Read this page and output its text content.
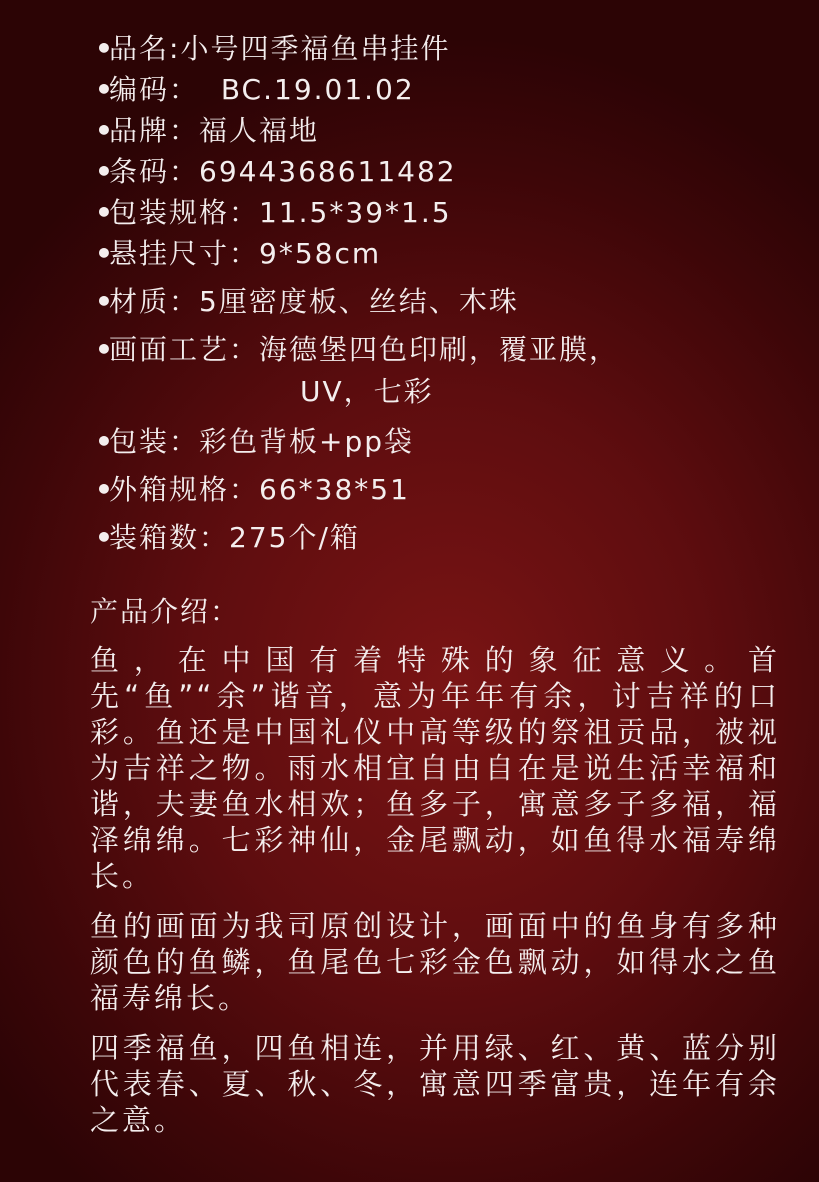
•品名:小号四季福鱼串挂件
•编码：  BC.19.01.02
•品牌：福人福地
•条码：6944368611482
•包装规格：11.5*39*1.5
•悬挂尺寸：9*58cm
•材质：5厘密度板、丝结、木珠
•画面工艺：海德堡四色印刷，覆亚膜，
UV，七彩
•包装：彩色背板+pp袋
•外箱规格：66*38*51
•装箱数：275个/箱
产品介绍：

鱼，在中国有着特殊的象征意义。首先“鱼”“余”谐音，意为年年有余，讨吉祥的口彩。鱼还是中国礼仪中高等级的祭祖贡品，被视为吉祥之物。雨水相宜自由自在是说生活幸福和谐，夫妻鱼水相欢；鱼多子，寓意多子多福，福泽绵绵。七彩神仙，金尾飘动，如鱼得水福寿绵长。

鱼的画面为我司原创设计，画面中的鱼身有多种颜色的鱼鳞，鱼尾色七彩金色飘动，如得水之鱼福寿绵长。

四季福鱼，四鱼相连，并用绿、红、黄、蓝分别代表春、夏、秋、冬，寓意四季富贵，连年有余之意。
